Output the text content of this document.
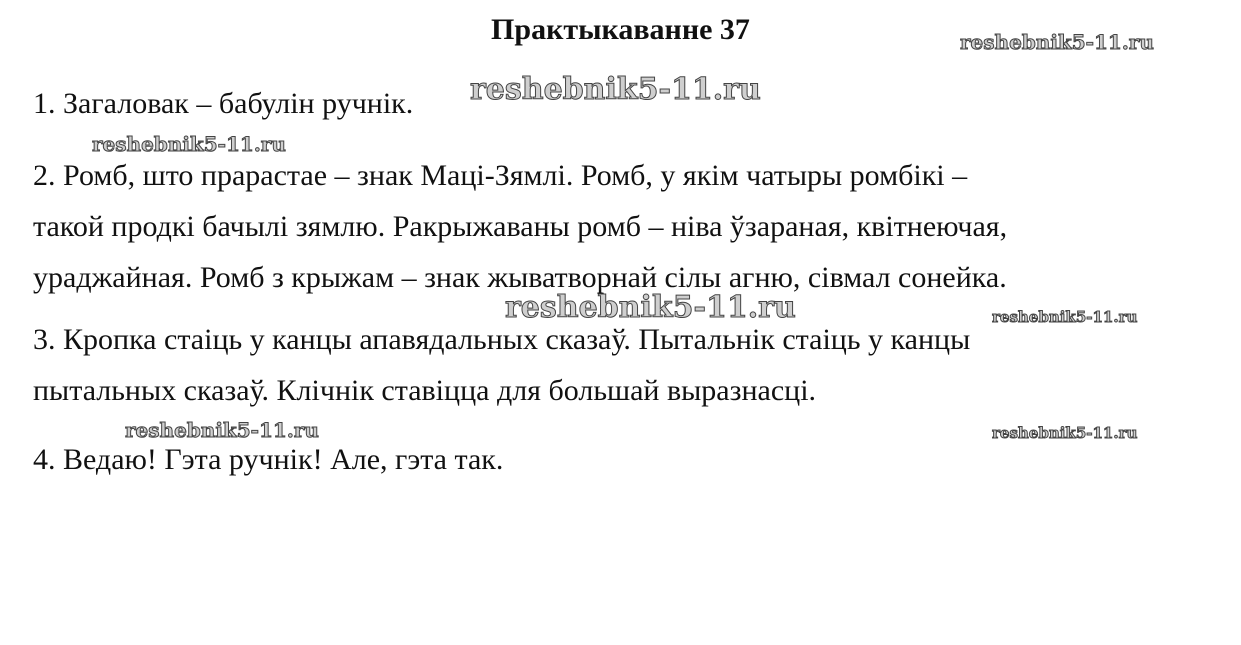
Практыкаванне 37

1. Загаловак – бабулін ручнік.

2. Ромб, што прарастае – знак Маці-Зямлі. Ромб, у якім чатыры ромбікі –
такой продкі бачылі зямлю. Ракрыжаваны ромб – ніва ўзараная, квітнеючая,
ураджайная. Ромб з крыжам – знак жыватворнай сілы агню, сівмал сонейка.

3. Кропка стаіць у канцы апавядальных сказаў. Пытальнік стаіць у канцы
пытальных сказаў. Клічнік ставіцца для большай выразнасці.

4. Ведаю! Гэта ручнік! Але, гэта так.

reshebnik5-11.ru
reshebnik5-11.ru
reshebnik5-11.ru
reshebnik5-11.ru	reshebnik5-11.ru
reshebnik5-11.ru	reshebnik5-11.ru
